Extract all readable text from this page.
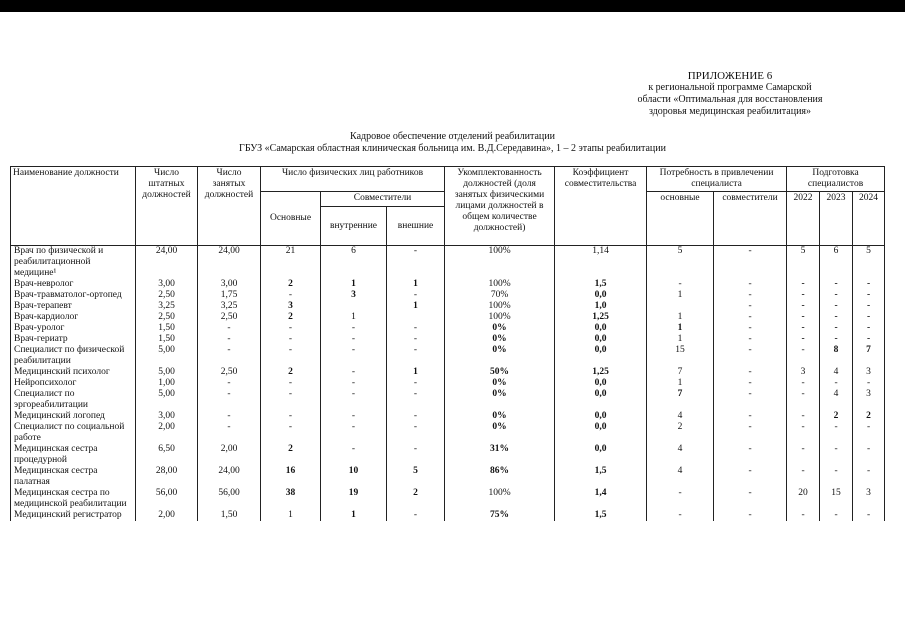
ПРИЛОЖЕНИЕ 6
к региональной программе Самарской
области «Оптимальная для восстановления
здоровья медицинская реабилитация»
Кадровое обеспечение отделений реабилитации
ГБУЗ «Самарская областная клиническая больница им. В.Д.Середавина», 1 – 2 этапы реабилитации
Наименование должности	Число штатных должностей	Число занятых должностей	Число физических лиц работников			Укомплектованность должностей (доля занятых физическими лицами должностей в общем количестве должностей)	Коэффициент совместительства	Потребность в привлечении специалиста		Подготовка специалистов		
			Основные	Совместители				основные	совместители	2022	2023	2024
				внутренние	внешние							
Врач по физической и реабилитационной медицине¹	24,00	24,00	21	6	-	100%	1,14	5	-	5	6	5
Врач-невролог	3,00	3,00	2	1	1	100%	1,5	-	-	-	-	-
Врач-травматолог-ортопед	2,50	1,75	-	3	-	70%	0,0	1	-	-	-	-
Врач-терапевт	3,25	3,25	3		1	100%	1,0		-	-	-	-
Врач-кардиолог	2,50	2,50	2	1		100%	1,25	1	-	-	-	-
Врач-уролог	1,50	-	-	-	-	0%	0,0	1	-	-	-	-
Врач-гериатр	1,50	-	-	-	-	0%	0,0	1	-	-	-	-
Специалист по физической реабилитации	5,00	-	-	-	-	0%	0,0	15	-	-	8	7
Медицинский психолог	5,00	2,50	2	-	1	50%	1,25	7	-	3	4	3
Нейропсихолог	1,00	-	-	-	-	0%	0,0	1	-	-	-	-
Специалист по эргореабилитации	5,00	-	-	-	-	0%	0,0	7	-	-	4	3
Медицинский логопед	3,00	-	-	-	-	0%	0,0	4	-	-	2	2
Специалист по социальной работе	2,00	-	-	-	-	0%	0,0	2	-	-	-	-
Медицинская сестра процедурной	6,50	2,00	2	-	-	31%	0,0	4	-	-	-	-
Медицинская сестра палатная	28,00	24,00	16	10	5	86%	1,5	4	-	-	-	-
Медицинская сестра по медицинской реабилитации	56,00	56,00	38	19	2	100%	1,4	-	-	20	15	3
Медицинский регистратор	2,00	1,50	1	1	-	75%	1,5	-	-	-	-	-
